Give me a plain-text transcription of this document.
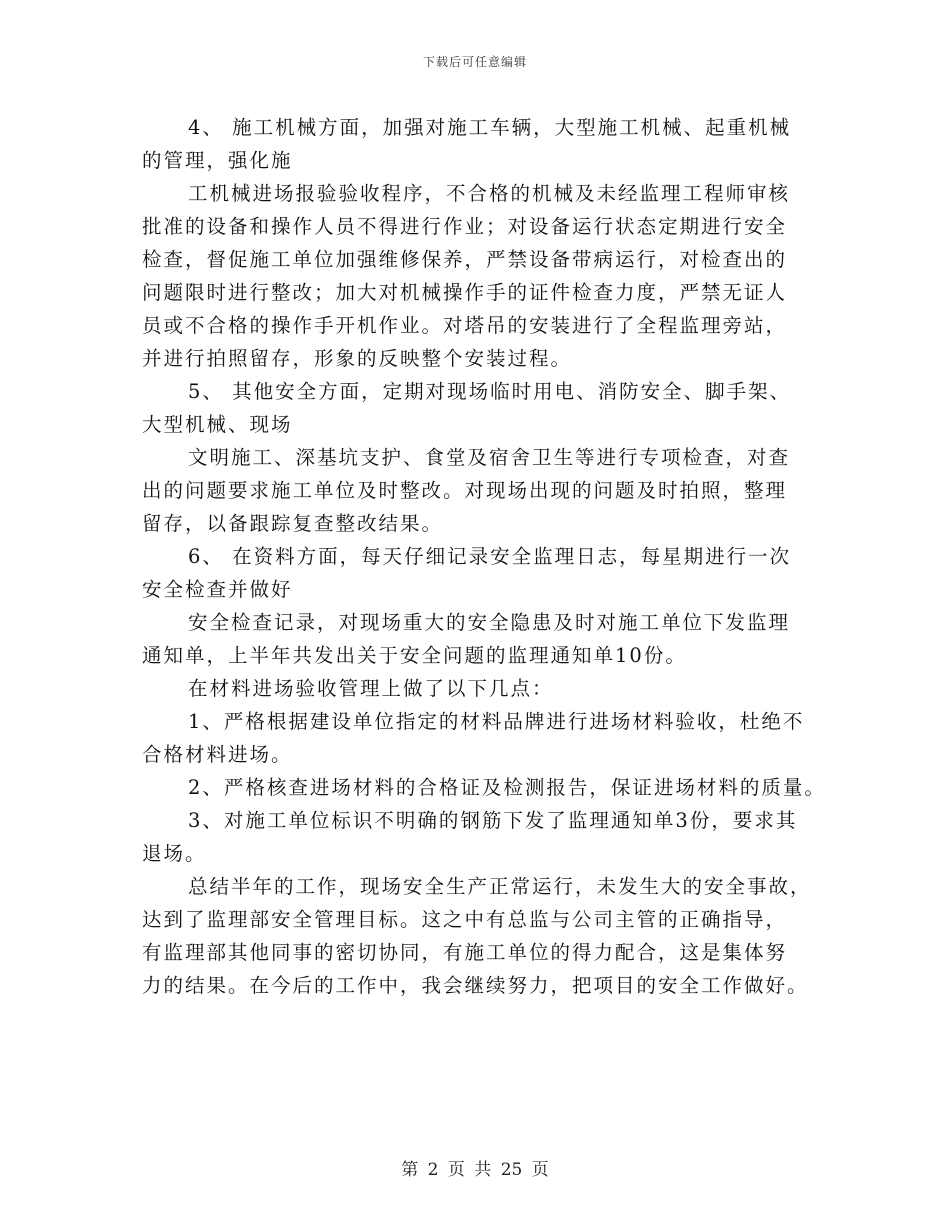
下载后可任意编辑
4、 施工机械方面，加强对施工车辆，大型施工机械、起重机械
的管理，强化施
工机械进场报验验收程序，不合格的机械及未经监理工程师审核
批准的设备和操作人员不得进行作业；对设备运行状态定期进行安全
检查，督促施工单位加强维修保养，严禁设备带病运行，对检查出的
问题限时进行整改；加大对机械操作手的证件检查力度，严禁无证人
员或不合格的操作手开机作业。对塔吊的安装进行了全程监理旁站，
并进行拍照留存，形象的反映整个安装过程。
5、 其他安全方面，定期对现场临时用电、消防安全、脚手架、
大型机械、现场
文明施工、深基坑支护、食堂及宿舍卫生等进行专项检查，对查
出的问题要求施工单位及时整改。对现场出现的问题及时拍照，整理
留存，以备跟踪复查整改结果。
6、 在资料方面，每天仔细记录安全监理日志，每星期进行一次
安全检查并做好
安全检查记录，对现场重大的安全隐患及时对施工单位下发监理
通知单，上半年共发出关于安全问题的监理通知单10份。
在材料进场验收管理上做了以下几点：
1、严格根据建设单位指定的材料品牌进行进场材料验收，杜绝不
合格材料进场。
2、严格核查进场材料的合格证及检测报告，保证进场材料的质量。
3、对施工单位标识不明确的钢筋下发了监理通知单3份，要求其
退场。
总结半年的工作，现场安全生产正常运行，未发生大的安全事故，
达到了监理部安全管理目标。这之中有总监与公司主管的正确指导，
有监理部其他同事的密切协同，有施工单位的得力配合，这是集体努
力的结果。在今后的工作中，我会继续努力，把项目的安全工作做好。
第 2 页 共 25 页
